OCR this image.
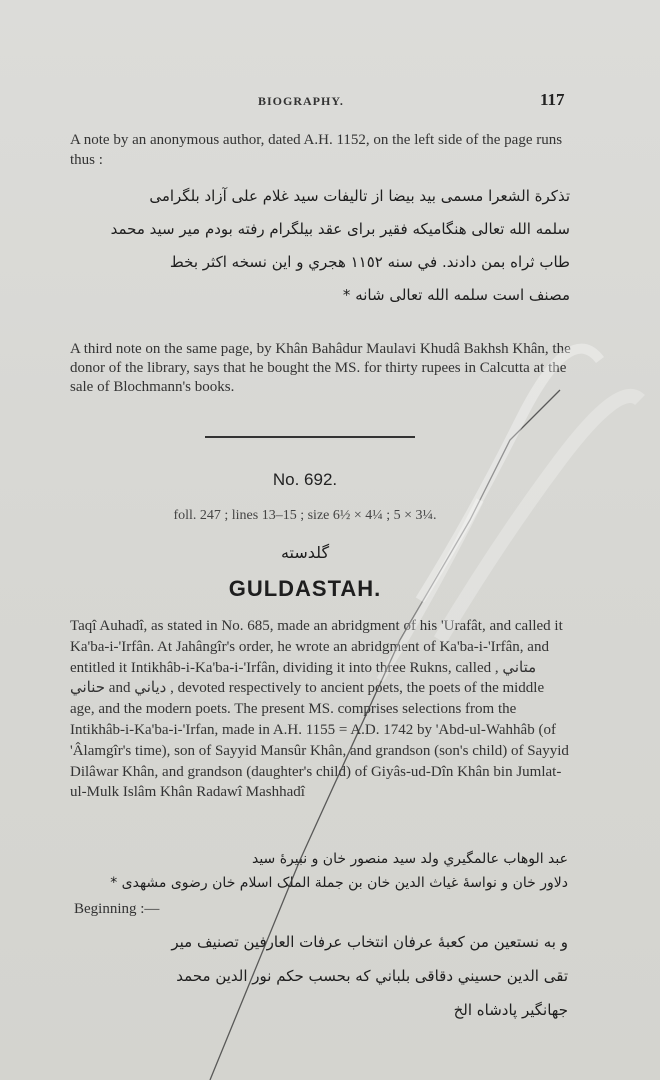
BIOGRAPHY.	117
A note by an anonymous author, dated A.H. 1152, on the left side of the page runs thus :
تذکرة الشعرا مسمی بید بیضا از تالیفات سید غلام علی آزاد بلگرامی
سلمه الله تعالی هنگامیکه فقیر برای عقد بیلگرام رفته بودم میر سید محمد
طاب ثراه بمن دادند. في سنه ١١٥٢ هجري و این نسخه اکثر بخط
مصنف است سلمه الله تعالی شانه *
A third note on the same page, by Khân Bahâdur Maulavi Khudâ Bakhsh Khân, the donor of the library, says that he bought the MS. for thirty rupees in Calcutta at the sale of Blochmann's books.
No. 692.
foll. 247 ; lines 13–15 ; size 6½ × 4¼ ; 5 × 3¼.
گلدسته
GULDASTAH.
Taqî Auhadî, as stated in No. 685, made an abridgment of his 'Urafât, and called it Ka'ba-i-'Irfân. At Jahângîr's order, he wrote an abridgment of Ka'ba-i-'Irfân, and entitled it Intikhâb-i-Ka'ba-i-'Irfân, dividing it into three Rukns, called متاني , حناني and دياني , devoted respectively to ancient poets, the poets of the middle age, and the modern poets. The present MS. comprises selections from the Intikhâb-i-Ka'ba-i-'Irfan, made in A.H. 1155 = A.D. 1742 by 'Abd-ul-Wahhâb (of 'Âlamgîr's time), son of Sayyid Mansûr Khân, and grandson (son's child) of Sayyid Dilâwar Khân, and grandson (daughter's child) of Giyâs-ud-Dîn Khân bin Jumlat-ul-Mulk Islâm Khân Radawî Mashhadî
عبد الوهاب عالمگیري ولد سید منصور خان و نبیرهٔ سید
دلاور خان و نواسهٔ غیاث الدین خان بن جملة الملک اسلام خان رضوی مشهدی *
Beginning :—
و به نستعین من کعبهٔ عرفان انتخاب عرفات العارفین تصنیف میر
تقی الدین حسیني دقاقی بلباني که بحسب حکم نور الدین محمد
جهانگیر پادشاه الخ
